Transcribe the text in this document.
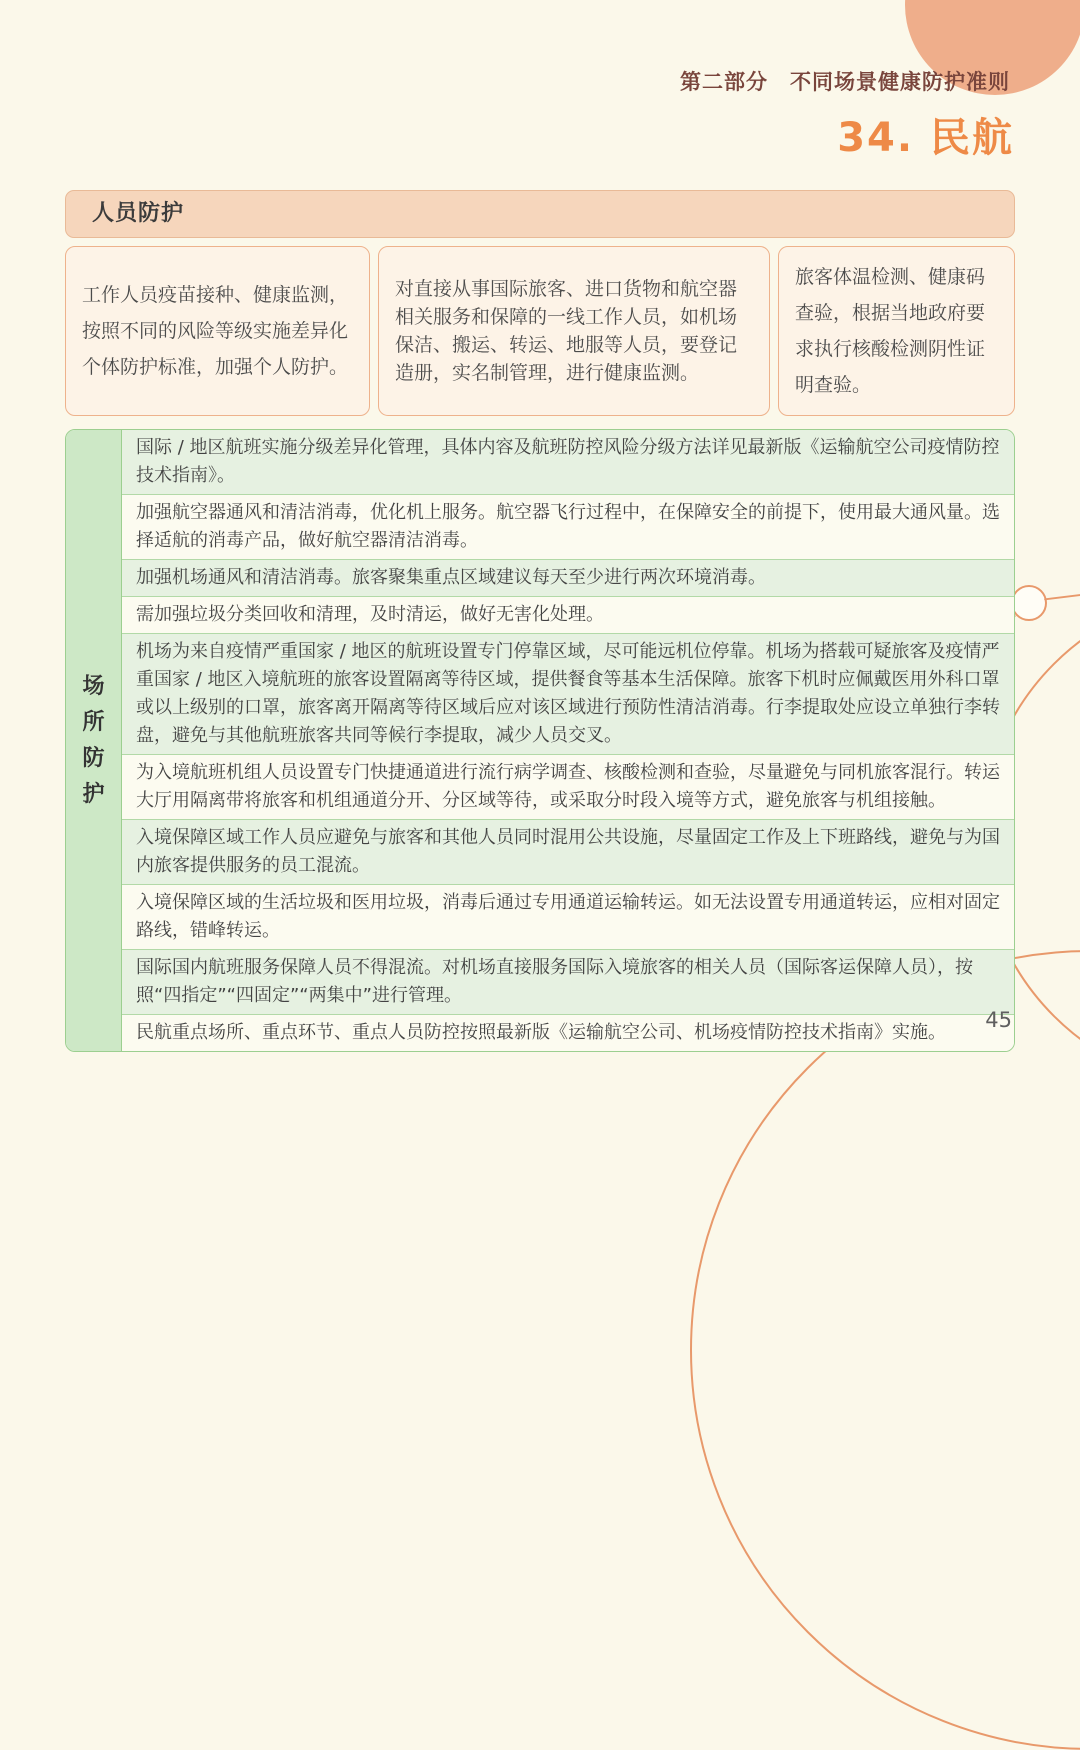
第二部分　不同场景健康防护准则
34. 民航
人员防护
工作人员疫苗接种、健康监测，按照不同的风险等级实施差异化个体防护标准，加强个人防护。
对直接从事国际旅客、进口货物和航空器相关服务和保障的一线工作人员，如机场保洁、搬运、转运、地服等人员，要登记造册，实名制管理，进行健康监测。
旅客体温检测、健康码查验，根据当地政府要求执行核酸检测阴性证明查验。
场所防护
国际 / 地区航班实施分级差异化管理，具体内容及航班防控风险分级方法详见最新版《运输航空公司疫情防控技术指南》。
加强航空器通风和清洁消毒，优化机上服务。航空器飞行过程中，在保障安全的前提下，使用最大通风量。选择适航的消毒产品，做好航空器清洁消毒。
加强机场通风和清洁消毒。旅客聚集重点区域建议每天至少进行两次环境消毒。
需加强垃圾分类回收和清理，及时清运，做好无害化处理。
机场为来自疫情严重国家 / 地区的航班设置专门停靠区域，尽可能远机位停靠。机场为搭载可疑旅客及疫情严重国家 / 地区入境航班的旅客设置隔离等待区域，提供餐食等基本生活保障。旅客下机时应佩戴医用外科口罩或以上级别的口罩，旅客离开隔离等待区域后应对该区域进行预防性清洁消毒。行李提取处应设立单独行李转盘，避免与其他航班旅客共同等候行李提取，减少人员交叉。
为入境航班机组人员设置专门快捷通道进行流行病学调查、核酸检测和查验，尽量避免与同机旅客混行。转运大厅用隔离带将旅客和机组通道分开、分区域等待，或采取分时段入境等方式，避免旅客与机组接触。
入境保障区域工作人员应避免与旅客和其他人员同时混用公共设施，尽量固定工作及上下班路线，避免与为国内旅客提供服务的员工混流。
入境保障区域的生活垃圾和医用垃圾，消毒后通过专用通道运输转运。如无法设置专用通道转运，应相对固定路线，错峰转运。
国际国内航班服务保障人员不得混流。对机场直接服务国际入境旅客的相关人员（国际客运保障人员），按照“四指定”“四固定”“两集中”进行管理。
民航重点场所、重点环节、重点人员防控按照最新版《运输航空公司、机场疫情防控技术指南》实施。
45
